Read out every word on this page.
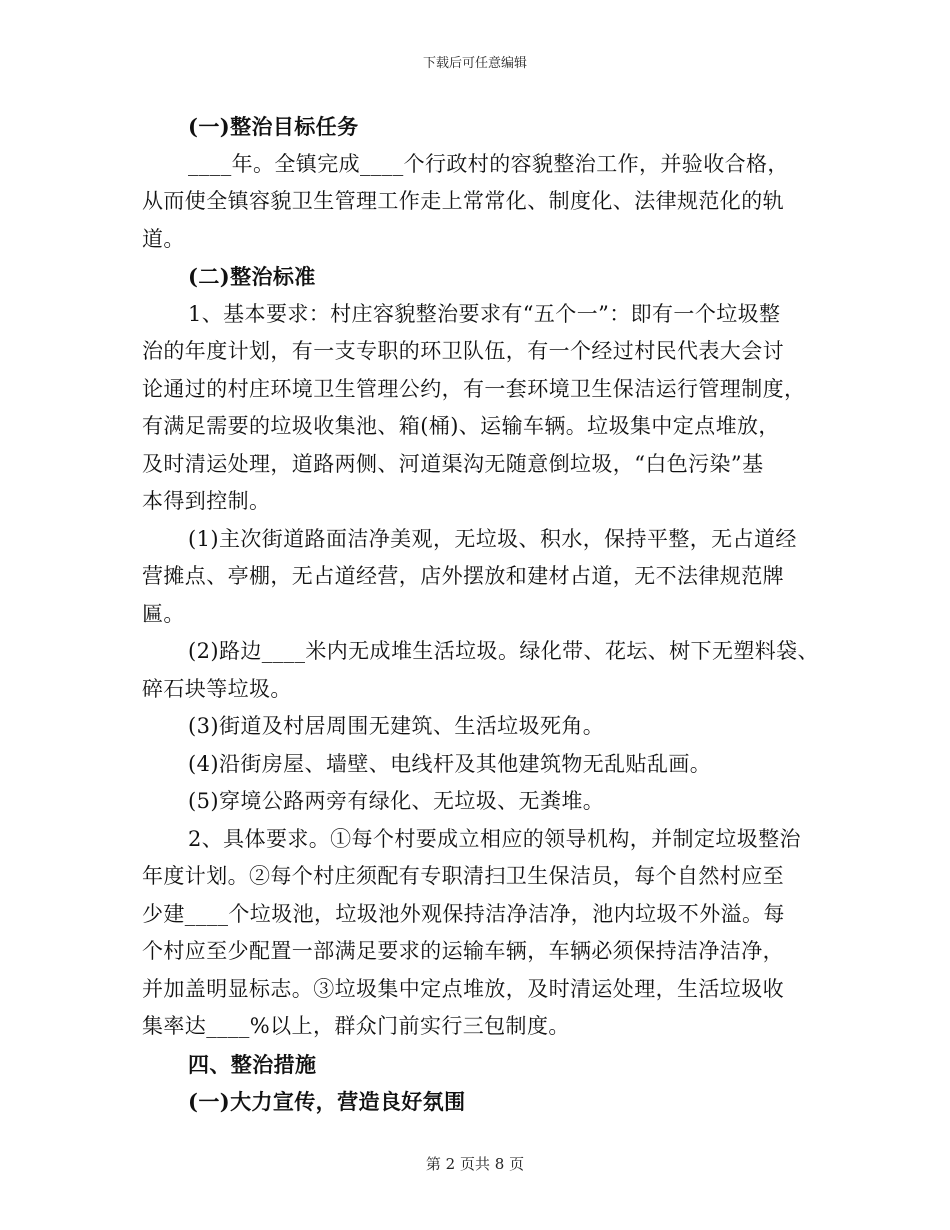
下载后可任意编辑
(一)整治目标任务
____年。全镇完成____个行政村的容貌整治工作，并验收合格，
从而使全镇容貌卫生管理工作走上常常化、制度化、法律规范化的轨
道。
(二)整治标准
1、基本要求：村庄容貌整治要求有“五个一”：即有一个垃圾整
治的年度计划，有一支专职的环卫队伍，有一个经过村民代表大会讨
论通过的村庄环境卫生管理公约，有一套环境卫生保洁运行管理制度，
有满足需要的垃圾收集池、箱(桶)、运输车辆。垃圾集中定点堆放，
及时清运处理，道路两侧、河道渠沟无随意倒垃圾，“白色污染”基
本得到控制。
(1)主次街道路面洁净美观，无垃圾、积水，保持平整，无占道经
营摊点、亭棚，无占道经营，店外摆放和建材占道，无不法律规范牌
匾。
(2)路边____米内无成堆生活垃圾。绿化带、花坛、树下无塑料袋、
碎石块等垃圾。
(3)街道及村居周围无建筑、生活垃圾死角。
(4)沿街房屋、墙壁、电线杆及其他建筑物无乱贴乱画。
(5)穿境公路两旁有绿化、无垃圾、无粪堆。
2、具体要求。①每个村要成立相应的领导机构，并制定垃圾整治
年度计划。②每个村庄须配有专职清扫卫生保洁员，每个自然村应至
少建____个垃圾池，垃圾池外观保持洁净洁净，池内垃圾不外溢。每
个村应至少配置一部满足要求的运输车辆，车辆必须保持洁净洁净，
并加盖明显标志。③垃圾集中定点堆放，及时清运处理，生活垃圾收
集率达____%以上，群众门前实行三包制度。
四、整治措施
(一)大力宣传，营造良好氛围
第 2 页共 8 页
